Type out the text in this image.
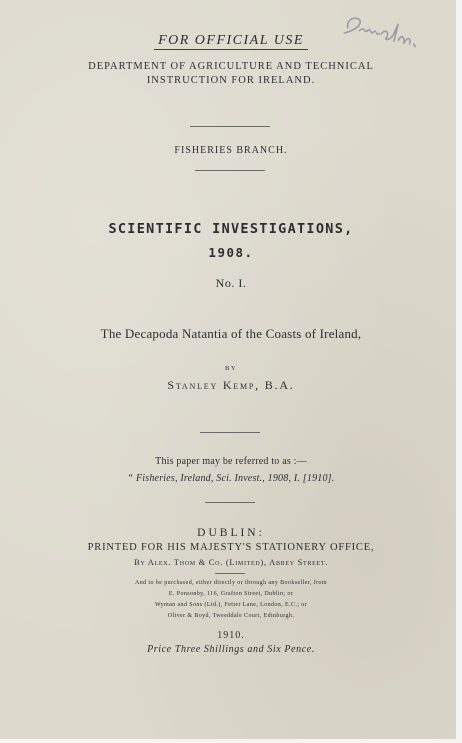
FOR OFFICIAL USE
DEPARTMENT OF AGRICULTURE AND TECHNICAL
INSTRUCTION FOR IRELAND.
FISHERIES BRANCH.
SCIENTIFIC INVESTIGATIONS,
1908.
No. I.
The Decapoda Natantia of the Coasts of Ireland,
BY
Stanley Kemp, B.A.
This paper may be referred to as :—
“ Fisheries, Ireland, Sci. Invest., 1908, I. [1910].
DUBLIN:
PRINTED FOR HIS MAJESTY'S STATIONERY OFFICE,
By Alex. Thom & Co. (Limited), Abbey Street.
And to be purchased, either directly or through any Bookseller, from
E. Ponsonby, 116, Grafton Street, Dublin; or
Wyman and Sons (Ltd.), Fetter Lane, London, E.C.; or
Oliver & Boyd, Tweeddale Court, Edinburgh.
1910.
Price Three Shillings and Six Pence.
